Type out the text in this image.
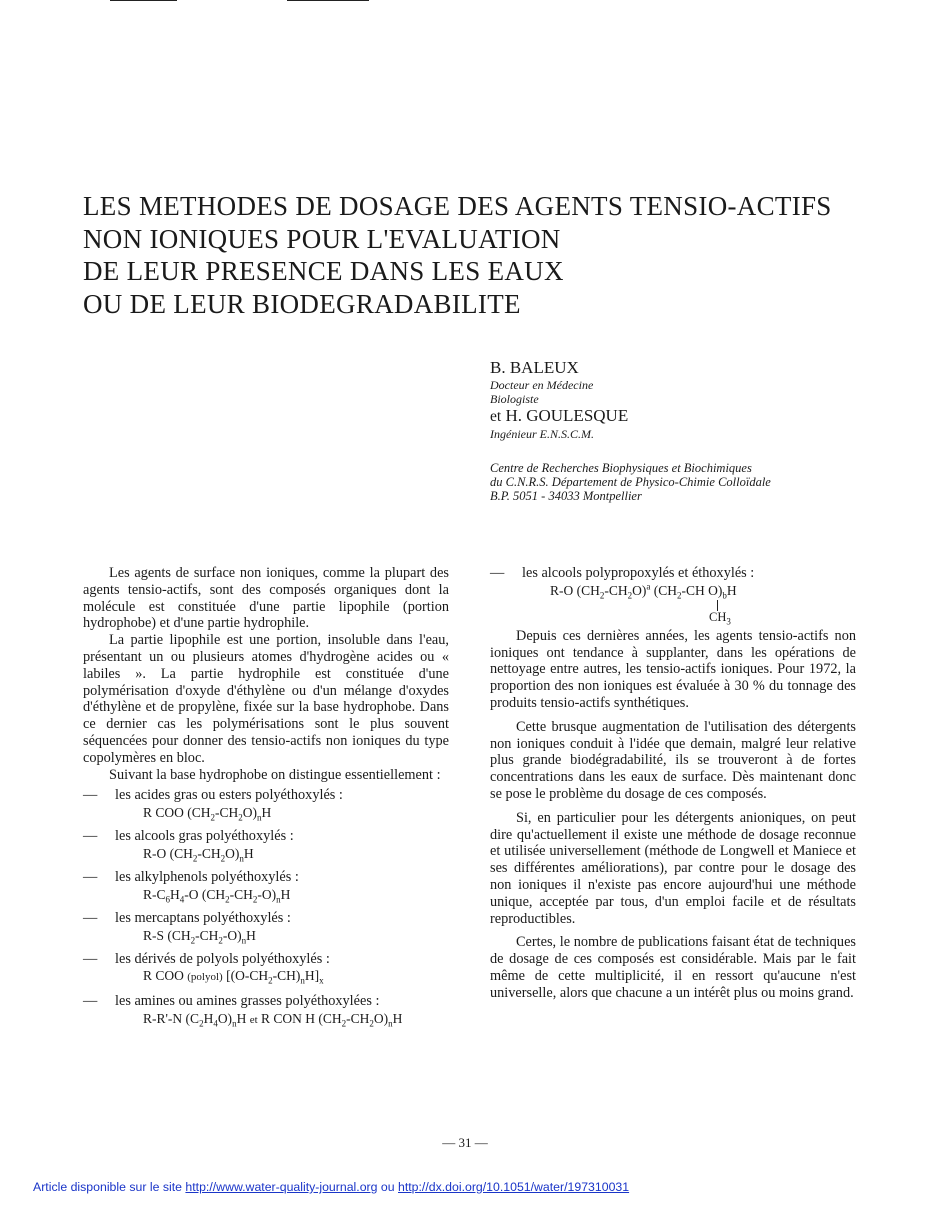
LES METHODES DE DOSAGE DES AGENTS TENSIO-ACTIFS
NON IONIQUES POUR L'EVALUATION
DE LEUR PRESENCE DANS LES EAUX
OU DE LEUR BIODEGRADABILITE
B. BALEUX
Docteur en Médecine
Biologiste
et H. GOULESQUE
Ingénieur E.N.S.C.M.
Centre de Recherches Biophysiques et Biochimiques
du C.N.R.S. Département de Physico-Chimie Colloïdale
B.P. 5051 - 34033 Montpellier

Les agents de surface non ioniques, comme la plupart des agents tensio-actifs, sont des composés organiques dont la molécule est constituée d'une partie lipophile (portion hydrophobe) et d'une partie hydrophile.

La partie lipophile est une portion, insoluble dans l'eau, présentant un ou plusieurs atomes d'hydrogène acides ou « labiles ». La partie hydrophile est constituée d'une polymérisation d'oxyde d'éthylène ou d'un mélange d'oxydes d'éthylène et de propylène, fixée sur la base hydrophobe. Dans ce dernier cas les polymérisations sont le plus souvent séquencées pour donner des tensio-actifs non ioniques du type copolymères en bloc.

Suivant la base hydrophobe on distingue essentiellement :

—	les acides gras ou esters polyéthoxylés :
R COO $(CH_2-CH_2O)_nH$
—	les alcools gras polyéthoxylés :
R-O $(CH_2-CH_2O)_nH$
—	les alkylphenols polyéthoxylés :
$R-C_6H_4-O$ $(CH_2-CH_2-O)_nH$
—	les mercaptans polyéthoxylés :
R-S $(CH_2-CH_2-O)_nH$
—	les dérivés de polyols polyéthoxylés :
R COO (polyol) $[(O-CH_2-CH)_nH]_x$
—	les amines ou amines grasses polyéthoxylées :
R-R'-N $(C_2H_4O)_nH$ et R CON H $(CH_2-CH_2O)_nH$
—	les alcools polypropoxylés et éthoxylés :
R-O $(CH_2-CH_2O)^a$ ($CH_2-CH$ $O)_bH$
$CH_3$

Depuis ces dernières années, les agents tensio-actifs non ioniques ont tendance à supplanter, dans les opérations de nettoyage entre autres, les tensio-actifs ioniques. Pour 1972, la proportion des non ioniques est évaluée à 30 % du tonnage des produits tensio-actifs synthétiques.

Cette brusque augmentation de l'utilisation des détergents non ioniques conduit à l'idée que demain, malgré leur relative plus grande biodégradabilité, ils se trouveront à de fortes concentrations dans les eaux de surface. Dès maintenant donc se pose le problème du dosage de ces composés.

Si, en particulier pour les détergents anioniques, on peut dire qu'actuellement il existe une méthode de dosage reconnue et utilisée universellement (méthode de Longwell et Maniece et ses différentes améliorations), par contre pour le dosage des non ioniques il n'existe pas encore aujourd'hui une méthode unique, acceptée par tous, d'un emploi facile et de résultats reproductibles.

Certes, le nombre de publications faisant état de techniques de dosage de ces composés est considérable. Mais par le fait même de cette multiplicité, il en ressort qu'aucune n'est universelle, alors que chacune a un intérêt plus ou moins grand.

— 31 —
Article disponible sur le site http://www.water-quality-journal.org ou http://dx.doi.org/10.1051/water/197310031
